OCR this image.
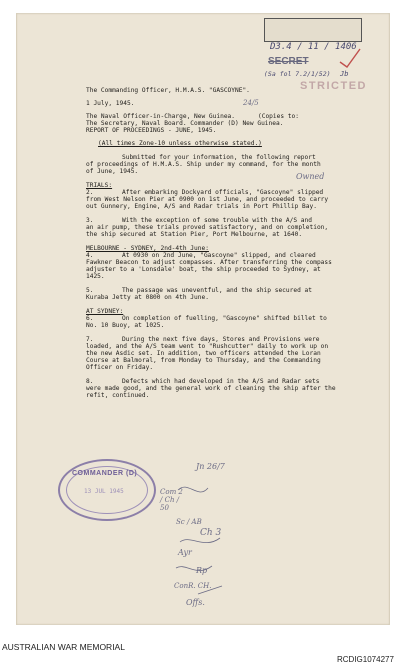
D3.4 / 11 / 1406
SECRET
(Sa fol 7.2/1/52) Jb
STRICTED
The Commanding Officer, H.M.A.S. "GASCOYNE".
1 July, 1945.	24/5
The Naval Officer-in-Charge, New Guinea.	(Copies to:
The Secretary, Naval Board. Commander (D) New Guinea.
REPORT OF PROCEEDINGS - JUNE, 1945.
(All times Zone-10 unless otherwise stated.)
Submitted for your information, the following report
of proceedings of H.M.A.S. Ship under my command, for the month
of June, 1945.
Owned
TRIALS:
2.	After embarking Dockyard officials, "Gascoyne" slipped
from West Nelson Pier at 0900 on 1st June, and proceeded to carry
out Gunnery, Engine, A/S and Radar trials in Port Phillip Bay.
3.	With the exception of some trouble with the A/S and
an air pump, these trials proved satisfactory, and on completion,
the ship secured at Station Pier, Port Melbourne, at 1640.
MELBOURNE - SYDNEY, 2nd-4th June:
4.	At 0930 on 2nd June, "Gascoyne" slipped, and cleared
Fawkner Beacon to adjust compasses. After transferring the compass
adjuster to a 'Lonsdale' boat, the ship proceeded to Sydney, at
1425.
5.	The passage was uneventful, and the ship secured at
Kuraba Jetty at 0800 on 4th June.
AT SYDNEY:
6.	On completion of fuelling, "Gascoyne" shifted billet to
No. 10 Buoy, at 1025.
7.	During the next five days, Stores and Provisions were
loaded, and the A/S team went to "Rushcutter" daily to work up on
the new Asdic set. In addition, two officers attended the Loran
Course at Balmoral, from Monday to Thursday, and the Commanding
Officer on Friday.
8.	Defects which had developed in the A/S and Radar sets
were made good, and the general work of cleaning the ship after the
refit, continued.
COMMANDER (D)
13 JUL 1945
Jn 26/7
Com 2 / Ch / 50
Sc / AB
Ch 3
Ayr
Rp
ConR. CH.
Offs.
AUSTRALIAN WAR MEMORIAL
RCDIG1074277
